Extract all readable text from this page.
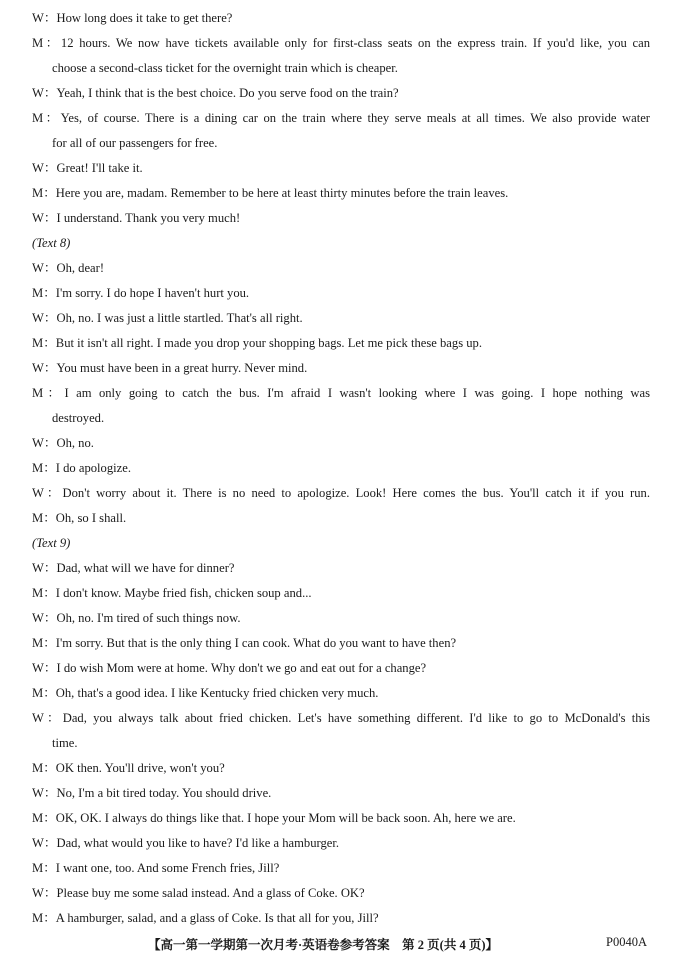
W：How long does it take to get there?
M：12 hours. We now have tickets available only for first-class seats on the express train. If you'd like, you can
choose a second-class ticket for the overnight train which is cheaper.
W：Yeah, I think that is the best choice. Do you serve food on the train?
M：Yes, of course. There is a dining car on the train where they serve meals at all times. We also provide water
for all of our passengers for free.
W：Great! I'll take it.
M：Here you are, madam. Remember to be here at least thirty minutes before the train leaves.
W：I understand. Thank you very much!
(Text 8)
W：Oh, dear!
M：I'm sorry. I do hope I haven't hurt you.
W：Oh, no. I was just a little startled. That's all right.
M：But it isn't all right. I made you drop your shopping bags. Let me pick these bags up.
W：You must have been in a great hurry. Never mind.
M：I am only going to catch the bus. I'm afraid I wasn't looking where I was going. I hope nothing was
destroyed.
W：Oh, no.
M：I do apologize.
W：Don't worry about it. There is no need to apologize. Look! Here comes the bus. You'll catch it if you run.
M：Oh, so I shall.
(Text 9)
W：Dad, what will we have for dinner?
M：I don't know. Maybe fried fish, chicken soup and...
W：Oh, no. I'm tired of such things now.
M：I'm sorry. But that is the only thing I can cook. What do you want to have then?
W：I do wish Mom were at home. Why don't we go and eat out for a change?
M：Oh, that's a good idea. I like Kentucky fried chicken very much.
W：Dad, you always talk about fried chicken. Let's have something different. I'd like to go to McDonald's this
time.
M：OK then. You'll drive, won't you?
W：No, I'm a bit tired today. You should drive.
M：OK, OK. I always do things like that. I hope your Mom will be back soon. Ah, here we are.
W：Dad, what would you like to have? I'd like a hamburger.
M：I want one, too. And some French fries, Jill?
W：Please buy me some salad instead. And a glass of Coke. OK?
M：A hamburger, salad, and a glass of Coke. Is that all for you, Jill?
【高一第一学期第一次月考·英语卷参考答案　第 2 页(共 4 页)】	P0040A
